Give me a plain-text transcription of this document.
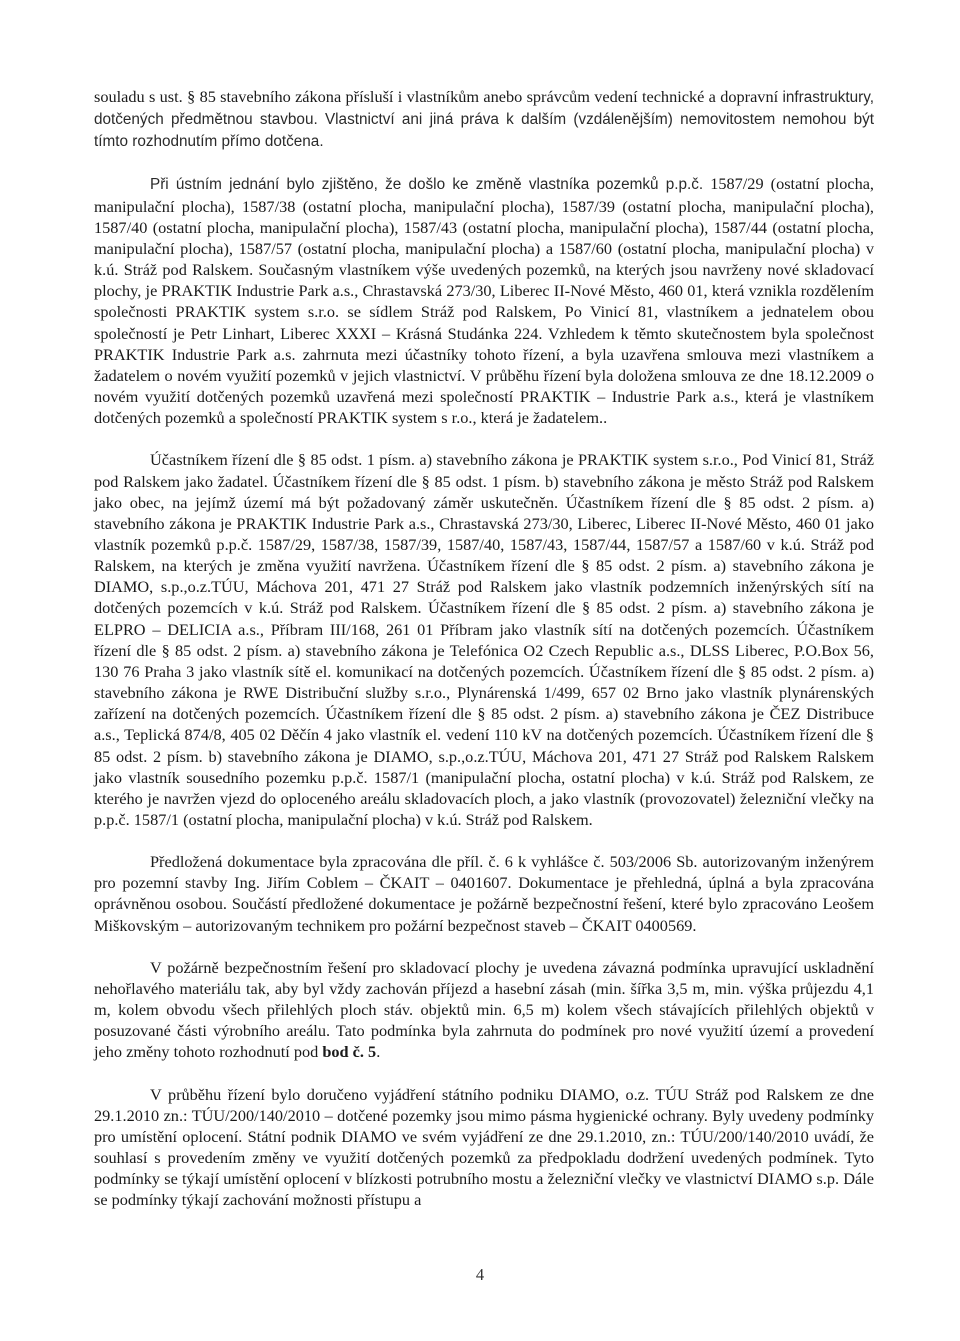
souladu s ust. § 85 stavebního zákona přísluší i vlastníkům anebo správcům vedení technické a dopravní infrastruktury, dotčených předmětnou stavbou. Vlastnictví ani jiná práva k dalším (vzdálenějším) nemovitostem nemohou být tímto rozhodnutím přímo dotčena.

Při ústním jednání bylo zjištěno, že došlo ke změně vlastníka pozemků p.p.č. 1587/29 (ostatní plocha, manipulační plocha), 1587/38 (ostatní plocha, manipulační plocha), 1587/39 (ostatní plocha, manipulační plocha), 1587/40 (ostatní plocha, manipulační plocha), 1587/43 (ostatní plocha, manipulační plocha), 1587/44 (ostatní plocha, manipulační plocha), 1587/57 (ostatní plocha, manipulační plocha) a 1587/60 (ostatní plocha, manipulační plocha) v k.ú. Stráž pod Ralskem. Současným vlastníkem výše uvedených pozemků, na kterých jsou navrženy nové skladovací plochy, je PRAKTIK Industrie Park a.s., Chrastavská 273/30, Liberec II-Nové Město, 460 01, která vznikla rozdělením společnosti PRAKTIK system s.r.o. se sídlem Stráž pod Ralskem, Po Vinicí 81, vlastníkem a jednatelem obou společností je Petr Linhart, Liberec XXXI – Krásná Studánka 224. Vzhledem k těmto skutečnostem byla společnost PRAKTIK Industrie Park a.s. zahrnuta mezi účastníky tohoto řízení, a byla uzavřena smlouva mezi vlastníkem a žadatelem o novém využití pozemků v jejich vlastnictví. V průběhu řízení byla doložena smlouva ze dne 18.12.2009 o novém využití dotčených pozemků uzavřená mezi společností PRAKTIK – Industrie Park a.s., která je vlastníkem dotčených pozemků a společností PRAKTIK system s r.o., která je žadatelem..

Účastníkem řízení dle § 85 odst. 1 písm. a) stavebního zákona je PRAKTIK system s.r.o., Pod Vinicí 81, Stráž pod Ralskem jako žadatel. Účastníkem řízení dle § 85 odst. 1 písm. b) stavebního zákona je město Stráž pod Ralskem jako obec, na jejímž území má být požadovaný záměr uskutečněn. Účastníkem řízení dle § 85 odst. 2 písm. a) stavebního zákona je PRAKTIK Industrie Park a.s., Chrastavská 273/30, Liberec, Liberec II-Nové Město, 460 01 jako vlastník pozemků p.p.č. 1587/29, 1587/38, 1587/39, 1587/40, 1587/43, 1587/44, 1587/57 a 1587/60 v k.ú. Stráž pod Ralskem, na kterých je změna využití navržena. Účastníkem řízení dle § 85 odst. 2 písm. a) stavebního zákona je DIAMO, s.p.,o.z.TÚU, Máchova 201, 471 27 Stráž pod Ralskem jako vlastník podzemních inženýrských sítí na dotčených pozemcích v k.ú. Stráž pod Ralskem. Účastníkem řízení dle § 85 odst. 2 písm. a) stavebního zákona je ELPRO – DELICIA a.s., Příbram III/168, 261 01 Příbram jako vlastník sítí na dotčených pozemcích. Účastníkem řízení dle § 85 odst. 2 písm. a) stavebního zákona je Telefónica O2 Czech Republic a.s., DLSS Liberec, P.O.Box 56, 130 76 Praha 3 jako vlastník sítě el. komunikací na dotčených pozemcích. Účastníkem řízení dle § 85 odst. 2 písm. a) stavebního zákona je RWE Distribuční služby s.r.o., Plynárenská 1/499, 657 02 Brno jako vlastník plynárenských zařízení na dotčených pozemcích. Účastníkem řízení dle § 85 odst. 2 písm. a) stavebního zákona je ČEZ Distribuce a.s., Teplická 874/8, 405 02 Děčín 4 jako vlastník el. vedení 110 kV na dotčených pozemcích. Účastníkem řízení dle § 85 odst. 2 písm. b) stavebního zákona je DIAMO, s.p.,o.z.TÚU, Máchova 201, 471 27 Stráž pod Ralskem Ralskem jako vlastník sousedního pozemku p.p.č. 1587/1 (manipulační plocha, ostatní plocha) v k.ú. Stráž pod Ralskem, ze kterého je navržen vjezd do oploceného areálu skladovacích ploch, a jako vlastník (provozovatel) železniční vlečky na p.p.č. 1587/1 (ostatní plocha, manipulační plocha) v k.ú. Stráž pod Ralskem.

Předložená dokumentace byla zpracována dle příl. č. 6 k vyhlášce č. 503/2006 Sb. autorizovaným inženýrem pro pozemní stavby Ing. Jiřím Coblem – ČKAIT – 0401607. Dokumentace je přehledná, úplná a byla zpracována oprávněnou osobou. Součástí předložené dokumentace je požárně bezpečnostní řešení, které bylo zpracováno Leošem Miškovským – autorizovaným technikem pro požární bezpečnost staveb – ČKAIT 0400569.

V požárně bezpečnostním řešení pro skladovací plochy je uvedena závazná podmínka upravující uskladnění nehořlavého materiálu tak, aby byl vždy zachován příjezd a hasební zásah (min. šířka 3,5 m, min. výška průjezdu 4,1 m, kolem obvodu všech přilehlých ploch stáv. objektů min. 6,5 m) kolem všech stávajících přilehlých objektů v posuzované části výrobního areálu. Tato podmínka byla zahrnuta do podmínek pro nové využití území a provedení jeho změny tohoto rozhodnutí pod bod č. 5.

V průběhu řízení bylo doručeno vyjádření státního podniku DIAMO, o.z. TÚU Stráž pod Ralskem ze dne 29.1.2010 zn.: TÚU/200/140/2010 – dotčené pozemky jsou mimo pásma hygienické ochrany. Byly uvedeny podmínky pro umístění oplocení. Státní podnik DIAMO ve svém vyjádření ze dne 29.1.2010, zn.: TÚU/200/140/2010 uvádí, že souhlasí s provedením změny ve využití dotčených pozemků za předpokladu dodržení uvedených podmínek. Tyto podmínky se týkají umístění oplocení v blízkosti potrubního mostu a železniční vlečky ve vlastnictví DIAMO s.p. Dále se podmínky týkají zachování možnosti přístupu a

4
